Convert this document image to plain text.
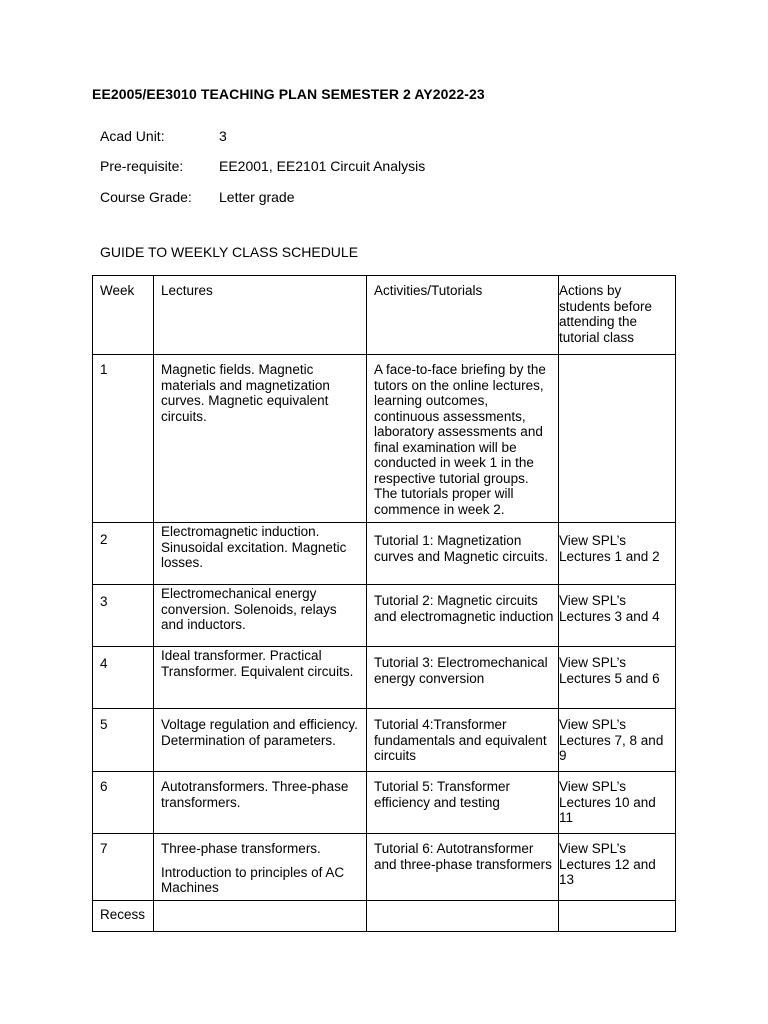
EE2005/EE3010 TEACHING PLAN SEMESTER 2 AY2022-23
Acad Unit:	3
Pre-requisite:	EE2001, EE2101 Circuit Analysis
Course Grade: Letter grade
GUIDE TO WEEKLY CLASS SCHEDULE
Week	Lectures	Activities/Tutorials	Actions by students before attending the tutorial class

1	Magnetic fields. Magnetic materials and magnetization curves. Magnetic equivalent circuits.	A face-to-face briefing by the tutors on the online lectures, learning outcomes, continuous assessments, laboratory assessments and final examination will be conducted in week 1 in the respective tutorial groups. The tutorials proper will commence in week 2.	

2	Electromagnetic induction. Sinusoidal excitation. Magnetic losses.	Tutorial 1: Magnetization curves and Magnetic circuits.	View SPL’s Lectures 1 and 2

3	Electromechanical energy conversion. Solenoids, relays and inductors.	Tutorial 2: Magnetic circuits and electromagnetic induction	View SPL’s Lectures 3 and 4

4	Ideal transformer. Practical Transformer. Equivalent circuits.	Tutorial 3: Electromechanical energy conversion	View SPL’s Lectures 5 and 6

5	Voltage regulation and efficiency. Determination of parameters.	Tutorial 4:Transformer fundamentals and equivalent circuits	View SPL’s Lectures 7, 8 and 9

6	Autotransformers. Three-phase transformers.	Tutorial 5: Transformer efficiency and testing	View SPL’s Lectures 10 and 11

7	Three-phase transformers.
Introduction to principles of AC Machines	Tutorial 6: Autotransformer and three-phase transformers	View SPL’s Lectures 12 and 13

Recess			
